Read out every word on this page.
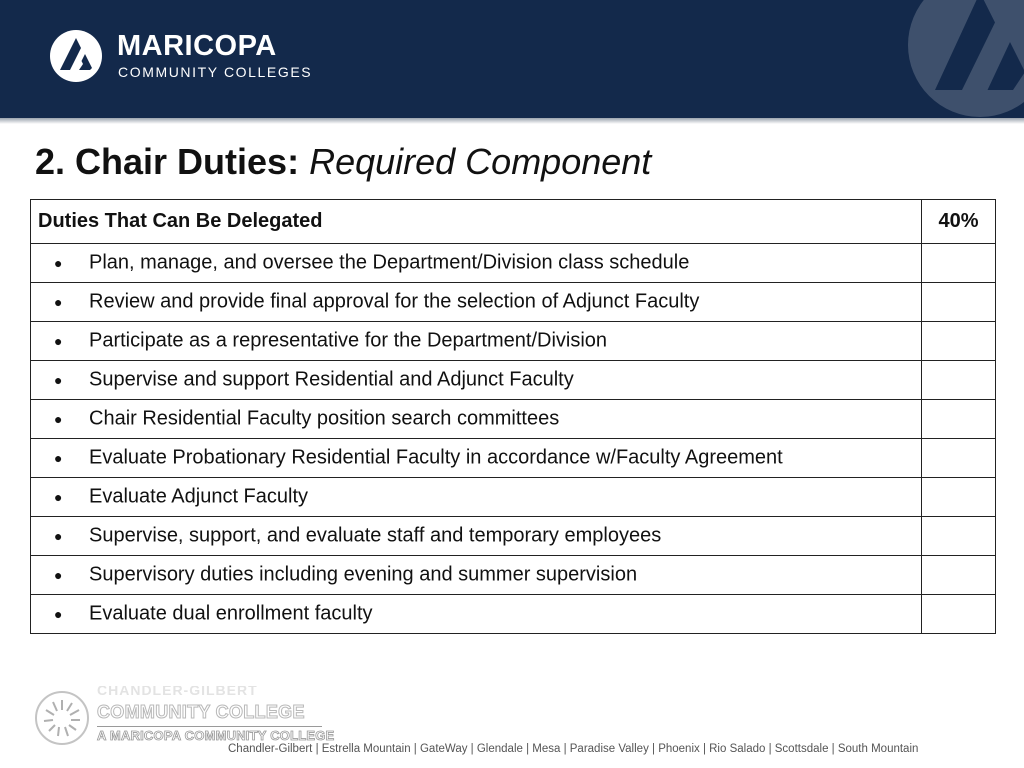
MARICOPA
COMMUNITY COLLEGES
2. Chair Duties: Required Component
Duties That Can Be Delegated	40%

● Plan, manage, and oversee the Department/Division class schedule	

● Review and provide final approval for the selection of Adjunct Faculty	

● Participate as a representative for the Department/Division	

● Supervise and support Residential and Adjunct Faculty	

● Chair Residential Faculty position search committees	

● Evaluate Probationary Residential Faculty in accordance w/Faculty Agreement	

● Evaluate Adjunct Faculty	

● Supervise, support, and evaluate staff and temporary employees	

● Supervisory duties including evening and summer supervision	

● Evaluate dual enrollment faculty	

CHANDLER-GILBERT
COMMUNITY COLLEGE
A MARICOPA COMMUNITY COLLEGE
Chandler-Gilbert | Estrella Mountain | GateWay | Glendale | Mesa | Paradise Valley | Phoenix | Rio Salado | Scottsdale | South Mountain
